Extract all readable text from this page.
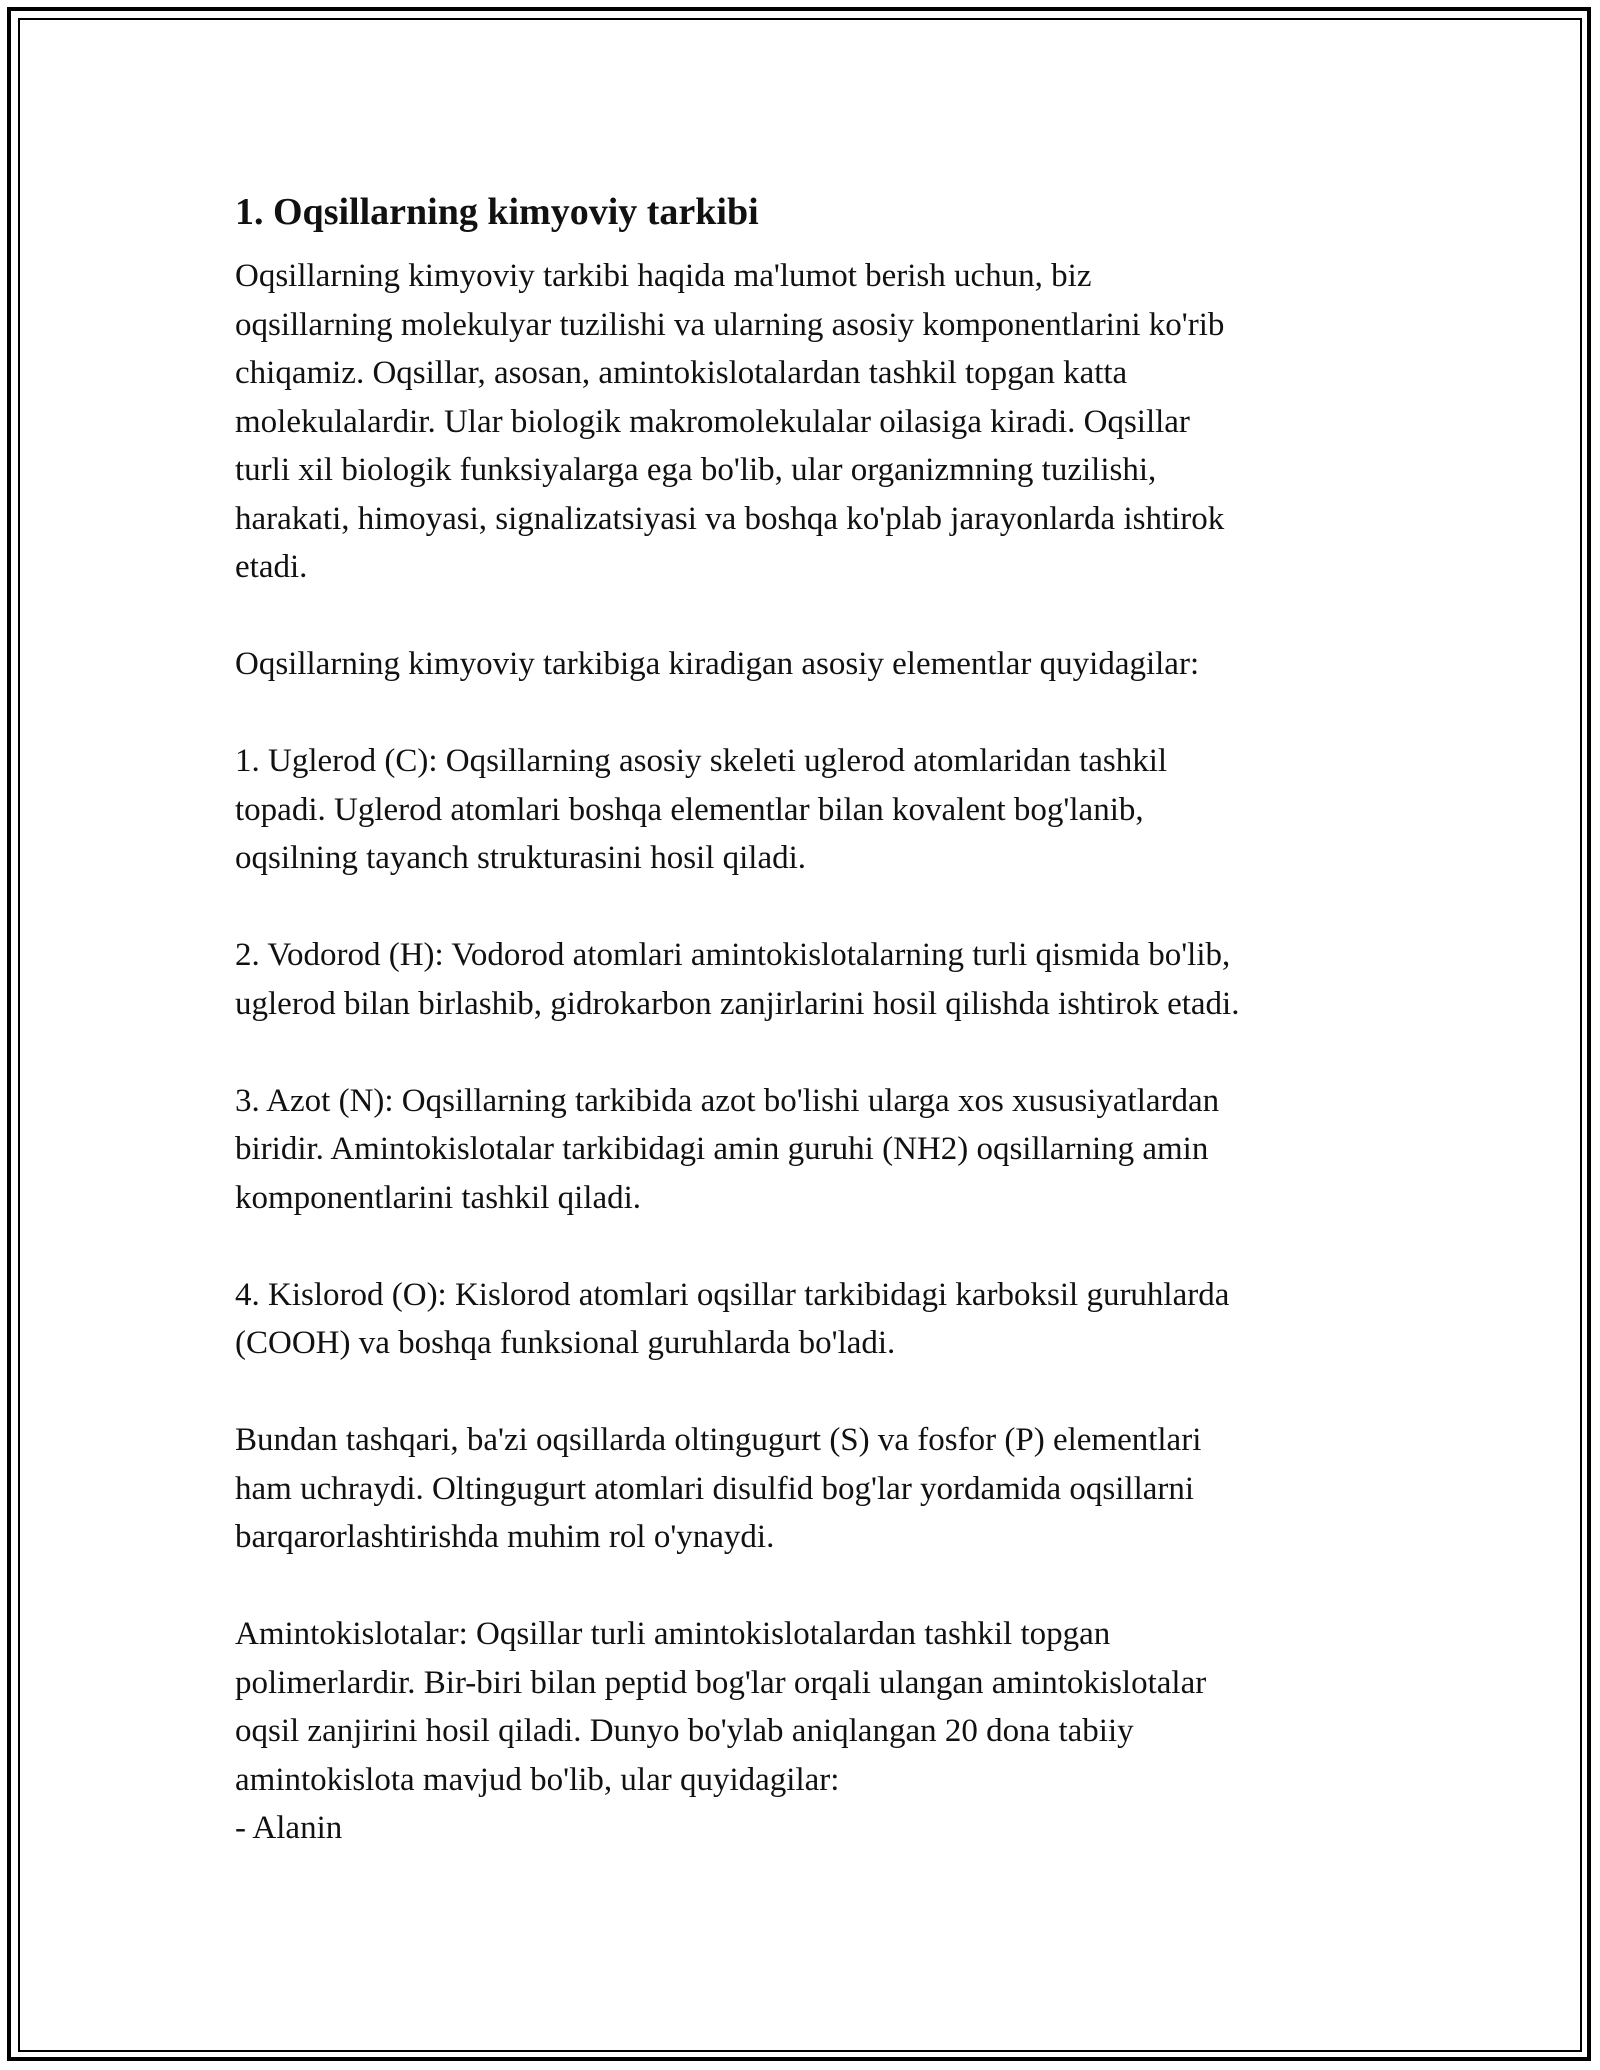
1. Oqsillarning kimyoviy tarkibi

Oqsillarning kimyoviy tarkibi haqida ma'lumot berish uchun, biz
oqsillarning molekulyar tuzilishi va ularning asosiy komponentlarini ko'rib
chiqamiz. Oqsillar, asosan, amintokislotalardan tashkil topgan katta
molekulalardir. Ular biologik makromolekulalar oilasiga kiradi. Oqsillar
turli xil biologik funksiyalarga ega bo'lib, ular organizmning tuzilishi,
harakati, himoyasi, signalizatsiyasi va boshqa ko'plab jarayonlarda ishtirok
etadi.

Oqsillarning kimyoviy tarkibiga kiradigan asosiy elementlar quyidagilar:

1. Uglerod (C): Oqsillarning asosiy skeleti uglerod atomlaridan tashkil
topadi. Uglerod atomlari boshqa elementlar bilan kovalent bog'lanib,
oqsilning tayanch strukturasini hosil qiladi.

2. Vodorod (H): Vodorod atomlari amintokislotalarning turli qismida bo'lib,
uglerod bilan birlashib, gidrokarbon zanjirlarini hosil qilishda ishtirok etadi.

3. Azot (N): Oqsillarning tarkibida azot bo'lishi ularga xos xususiyatlardan
biridir. Amintokislotalar tarkibidagi amin guruhi (NH2) oqsillarning amin
komponentlarini tashkil qiladi.

4. Kislorod (O): Kislorod atomlari oqsillar tarkibidagi karboksil guruhlarda
(COOH) va boshqa funksional guruhlarda bo'ladi.

Bundan tashqari, ba'zi oqsillarda oltingugurt (S) va fosfor (P) elementlari
ham uchraydi. Oltingugurt atomlari disulfid bog'lar yordamida oqsillarni
barqarorlashtirishda muhim rol o'ynaydi.

Amintokislotalar: Oqsillar turli amintokislotalardan tashkil topgan
polimerlardir. Bir-biri bilan peptid bog'lar orqali ulangan amintokislotalar
oqsil zanjirini hosil qiladi. Dunyo bo'ylab aniqlangan 20 dona tabiiy
amintokislota mavjud bo'lib, ular quyidagilar:

- Alanin
